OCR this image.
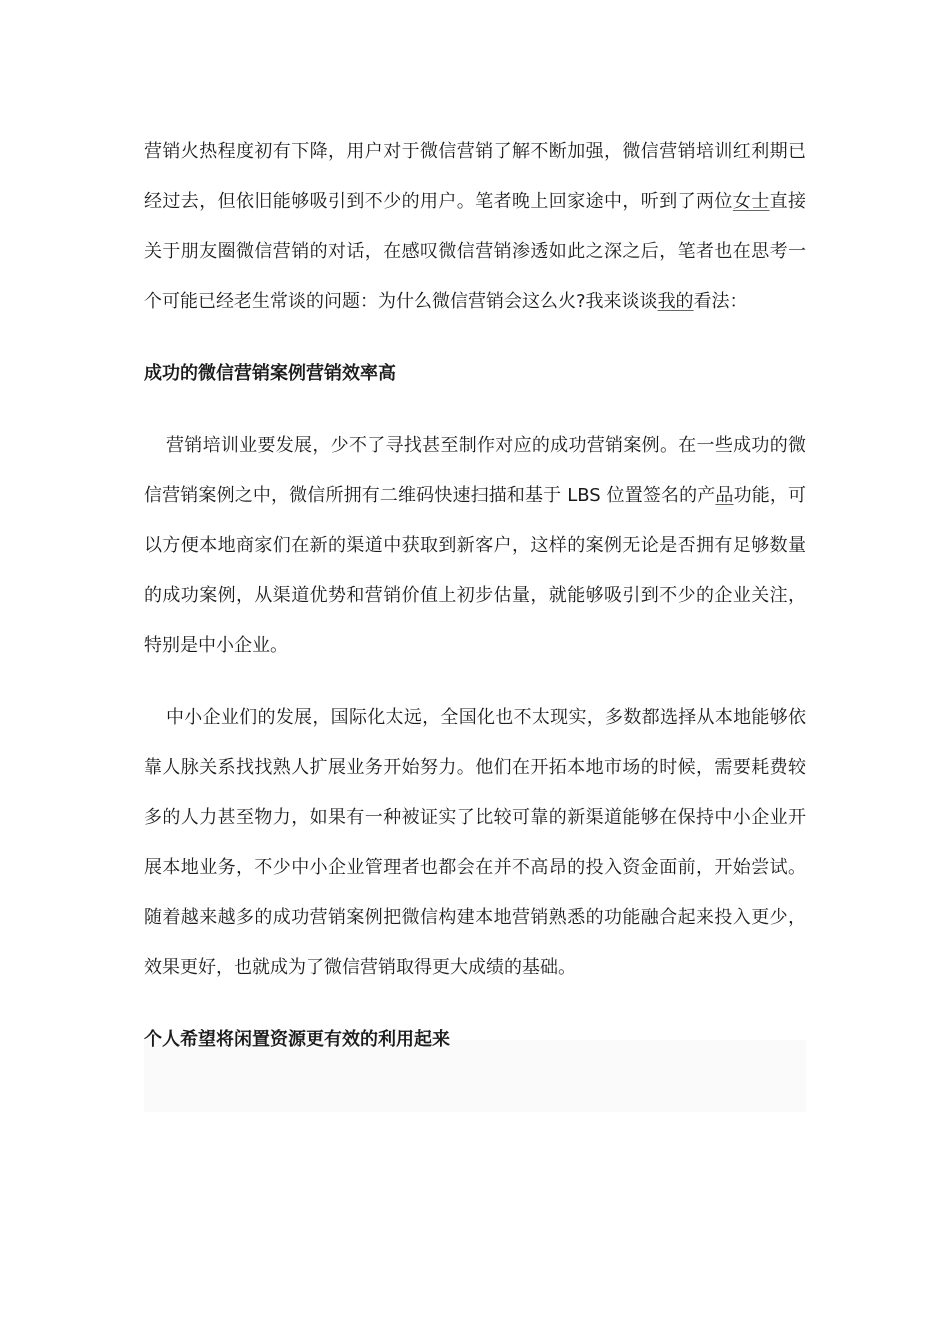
营销火热程度初有下降，用户对于微信营销了解不断加强，微信营销培训红利期已经过去，但依旧能够吸引到不少的用户。笔者晚上回家途中，听到了两位女士直接关于朋友圈微信营销的对话，在感叹微信营销渗透如此之深之后，笔者也在思考一个可能已经老生常谈的问题：为什么微信营销会这么火?我来谈谈我的看法：

成功的微信营销案例营销效率高

营销培训业要发展，少不了寻找甚至制作对应的成功营销案例。在一些成功的微信营销案例之中，微信所拥有二维码快速扫描和基于 LBS 位置签名的产品功能，可以方便本地商家们在新的渠道中获取到新客户，这样的案例无论是否拥有足够数量的成功案例，从渠道优势和营销价值上初步估量，就能够吸引到不少的企业关注，特别是中小企业。

中小企业们的发展，国际化太远，全国化也不太现实，多数都选择从本地能够依靠人脉关系找找熟人扩展业务开始努力。他们在开拓本地市场的时候，需要耗费较多的人力甚至物力，如果有一种被证实了比较可靠的新渠道能够在保持中小企业开展本地业务，不少中小企业管理者也都会在并不高昂的投入资金面前，开始尝试。随着越来越多的成功营销案例把微信构建本地营销熟悉的功能融合起来投入更少，效果更好，也就成为了微信营销取得更大成绩的基础。

个人希望将闲置资源更有效的利用起来
